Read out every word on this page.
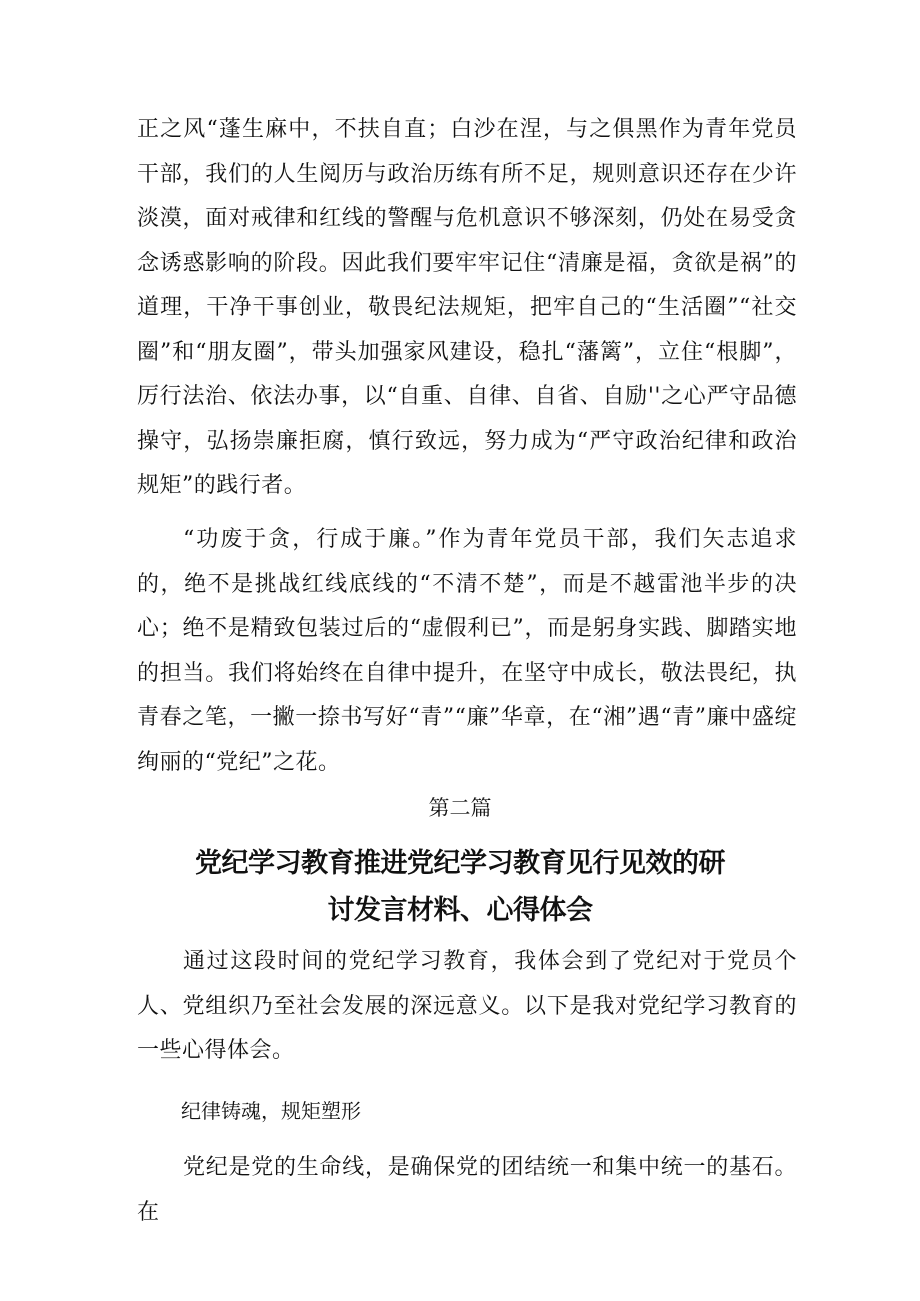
正之风“蓬生麻中，不扶自直；白沙在涅，与之俱黑作为青年党员干部，我们的人生阅历与政治历练有所不足，规则意识还存在少许淡漠，面对戒律和红线的警醒与危机意识不够深刻，仍处在易受贪念诱惑影响的阶段。因此我们要牢牢记住“清廉是福，贪欲是祸”的道理，干净干事创业，敬畏纪法规矩，把牢自己的“生活圈”“社交圈”和“朋友圈”，带头加强家风建设，稳扎“藩篱”，立住“根脚”，厉行法治、依法办事，以“自重、自律、自省、自励''之心严守品德操守，弘扬崇廉拒腐，慎行致远，努力成为“严守政治纪律和政治规矩”的践行者。

“功废于贪，行成于廉。”作为青年党员干部，我们矢志追求的，绝不是挑战红线底线的“不清不楚”，而是不越雷池半步的决心；绝不是精致包装过后的“虚假利已”，而是躬身实践、脚踏实地的担当。我们将始终在自律中提升，在坚守中成长，敬法畏纪，执青春之笔，一撇一捺书写好“青”“廉”华章，在“湘”遇“青”廉中盛绽绚丽的“党纪”之花。

第二篇

党纪学习教育推进党纪学习教育见行见效的研
讨发言材料、心得体会

通过这段时间的党纪学习教育，我体会到了党纪对于党员个人、党组织乃至社会发展的深远意义。以下是我对党纪学习教育的一些心得体会。

纪律铸魂，规矩塑形

党纪是党的生命线，是确保党的团结统一和集中统一的基石。在
